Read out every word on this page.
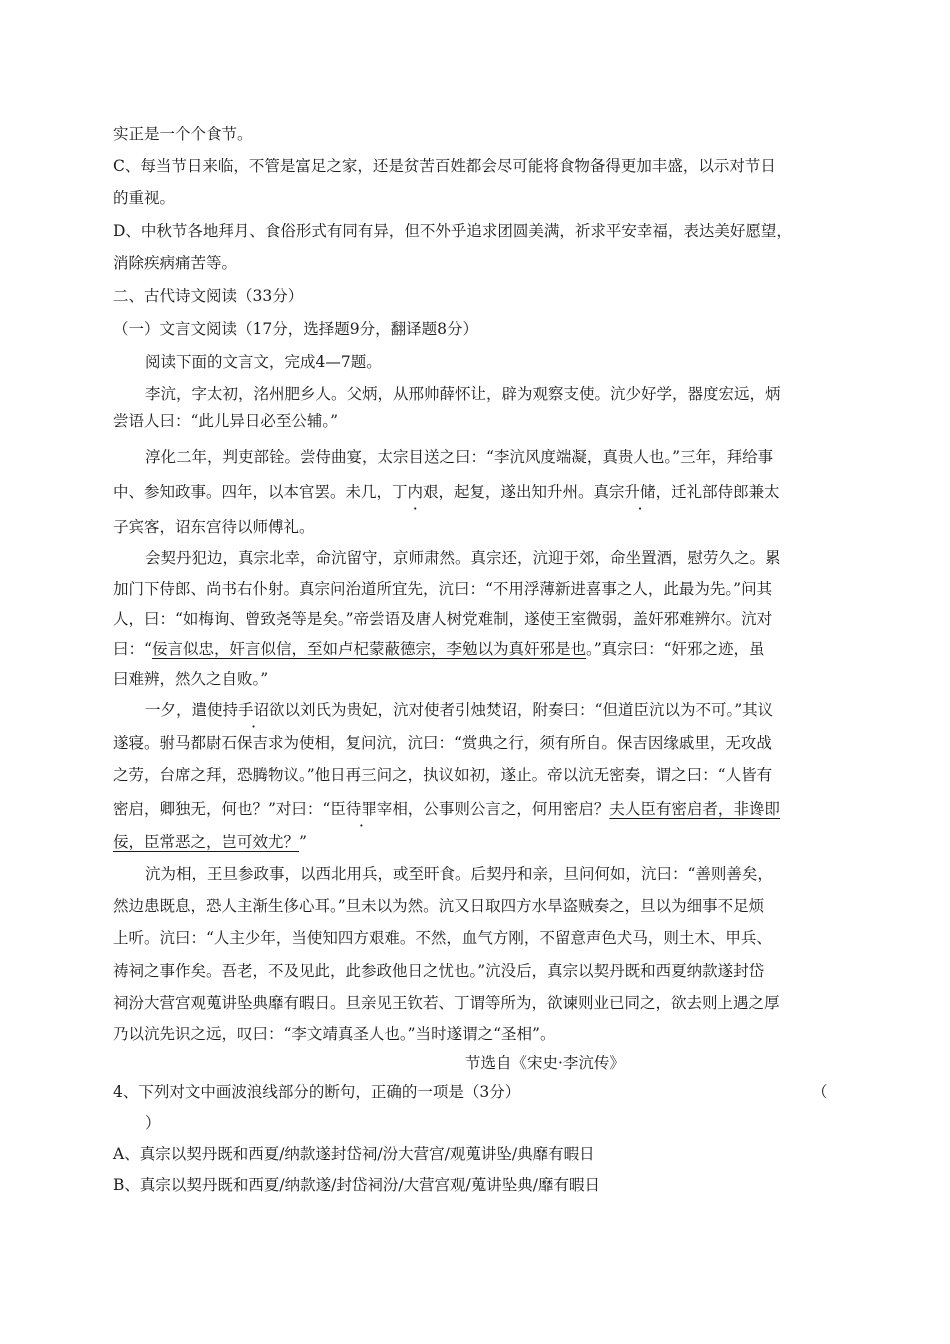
实正是一个个食节。
C、每当节日来临，不管是富足之家，还是贫苦百姓都会尽可能将食物备得更加丰盛，以示对节日
的重视。
D、中秋节各地拜月、食俗形式有同有异，但不外乎追求团圆美满，祈求平安幸福，表达美好愿望，
消除疾病痛苦等。
二、古代诗文阅读（33分）
（一）文言文阅读（17分，选择题9分，翻译题8分）
阅读下面的文言文，完成4—7题。
李沆，字太初，洺州肥乡人。父炳，从邢帅薛怀让，辟为观察支使。沆少好学，器度宏远，炳
尝语人曰：“此儿异日必至公辅。”
淳化二年，判吏部铨。尝侍曲宴，太宗目送之曰：“李沆风度端凝，真贵人也。”三年，拜给事
中、参知政事。四年，以本官罢。未几，丁内艰，起复，遂出知升州。真宗升储，迁礼部侍郎兼太
子宾客，诏东宫待以师傅礼。
会契丹犯边，真宗北幸，命沆留守，京师肃然。真宗还，沆迎于郊，命坐置酒，慰劳久之。累
加门下侍郎、尚书右仆射。真宗问治道所宜先，沆曰：“不用浮薄新进喜事之人，此最为先。”问其
人，曰：“如梅询、曾致尧等是矣。”帝尝语及唐人树党难制，遂使王室微弱，盖奸邪难辨尔。沆对
曰：“佞言似忠，奸言似信，至如卢杞蒙蔽德宗，李勉以为真奸邪是也。”真宗曰：“奸邪之迹，虽
曰难辨，然久之自败。”
一夕，遣使持手诏欲以刘氏为贵妃，沆对使者引烛焚诏，附奏曰：“但道臣沆以为不可。”其议
遂寝。驸马都尉石保吉求为使相，复问沆，沆曰：“赏典之行，须有所自。保吉因缘戚里，无攻战
之劳，台席之拜，恐腾物议。”他日再三问之，执议如初，遂止。帝以沆无密奏，谓之曰：“人皆有
密启，卿独无，何也？”对曰：“臣待罪宰相，公事则公言之，何用密启？夫人臣有密启者，非谗即
佞，臣常恶之，岂可效尤？”
沆为相，王旦参政事，以西北用兵，或至旰食。后契丹和亲，旦问何如，沆曰：“善则善矣，
然边患既息，恐人主渐生侈心耳。”旦未以为然。沆又日取四方水旱盗贼奏之，旦以为细事不足烦
上听。沆曰：“人主少年，当使知四方艰难。不然，血气方刚，不留意声色犬马，则土木、甲兵、
祷祠之事作矣。吾老，不及见此，此参政他日之忧也。”沆没后，真宗以契丹既和西夏纳款遂封岱
祠汾大营宫观蒐讲坠典靡有暇日。旦亲见王钦若、丁谓等所为，欲谏则业已同之，欲去则上遇之厚
乃以沆先识之远，叹曰：“李文靖真圣人也。”当时遂谓之“圣相”。
节选自《宋史·李沆传》
4、下列对文中画波浪线部分的断句，正确的一项是（3分）	（
）
A、真宗以契丹既和西夏/纳款遂封岱祠/汾大营宫/观蒐讲坠/典靡有暇日
B、真宗以契丹既和西夏/纳款遂/封岱祠汾/大营宫观/蒐讲坠典/靡有暇日
